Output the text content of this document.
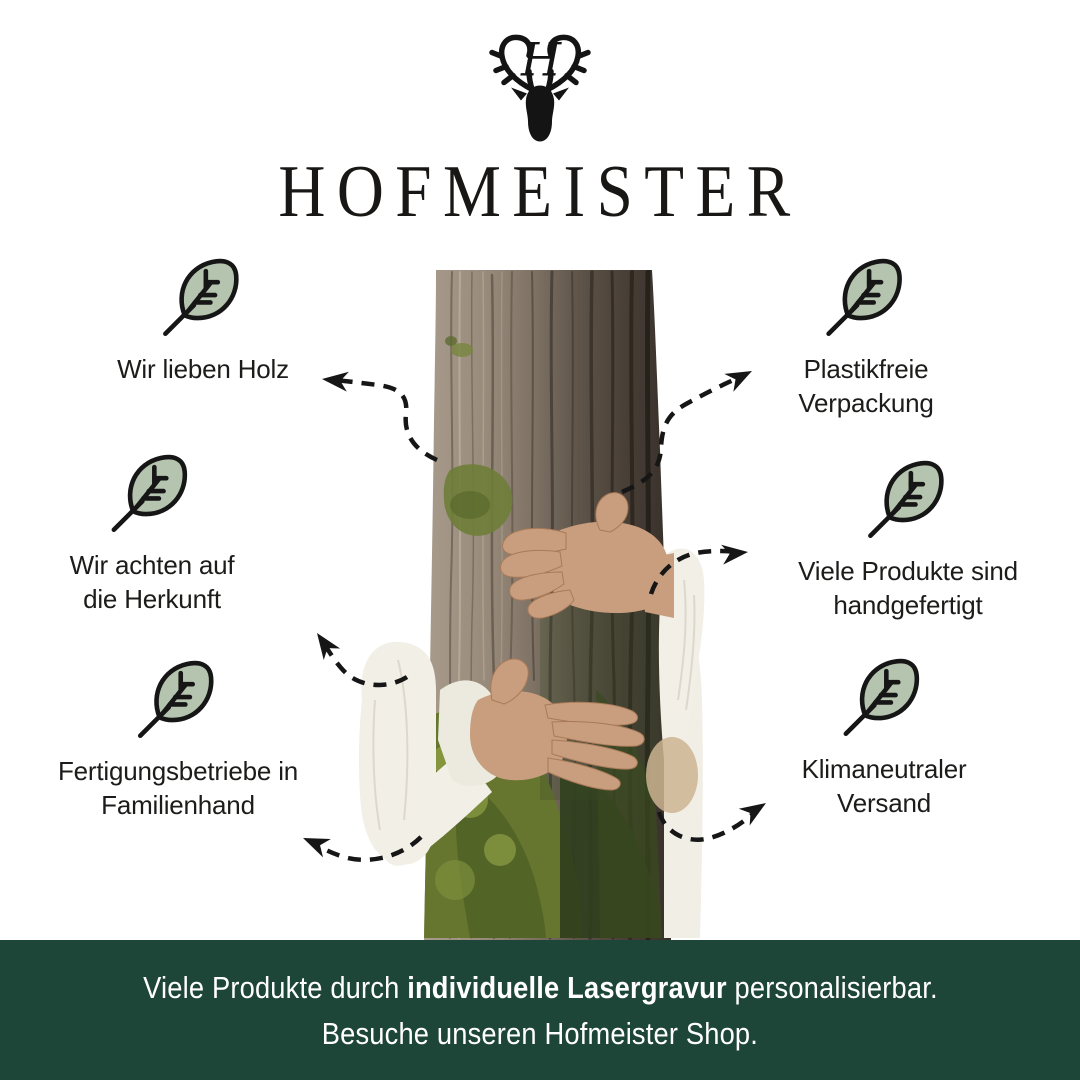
H
HOFMEISTER
Wir lieben Holz
Wir achten auf
die Herkunft
Fertigungsbetriebe in
Familienhand
Plastikfreie
Verpackung
Viele Produkte sind
handgefertigt
Klimaneutraler
Versand
Viele Produkte durch individuelle Lasergravur personalisierbar.
Besuche unseren Hofmeister Shop.
